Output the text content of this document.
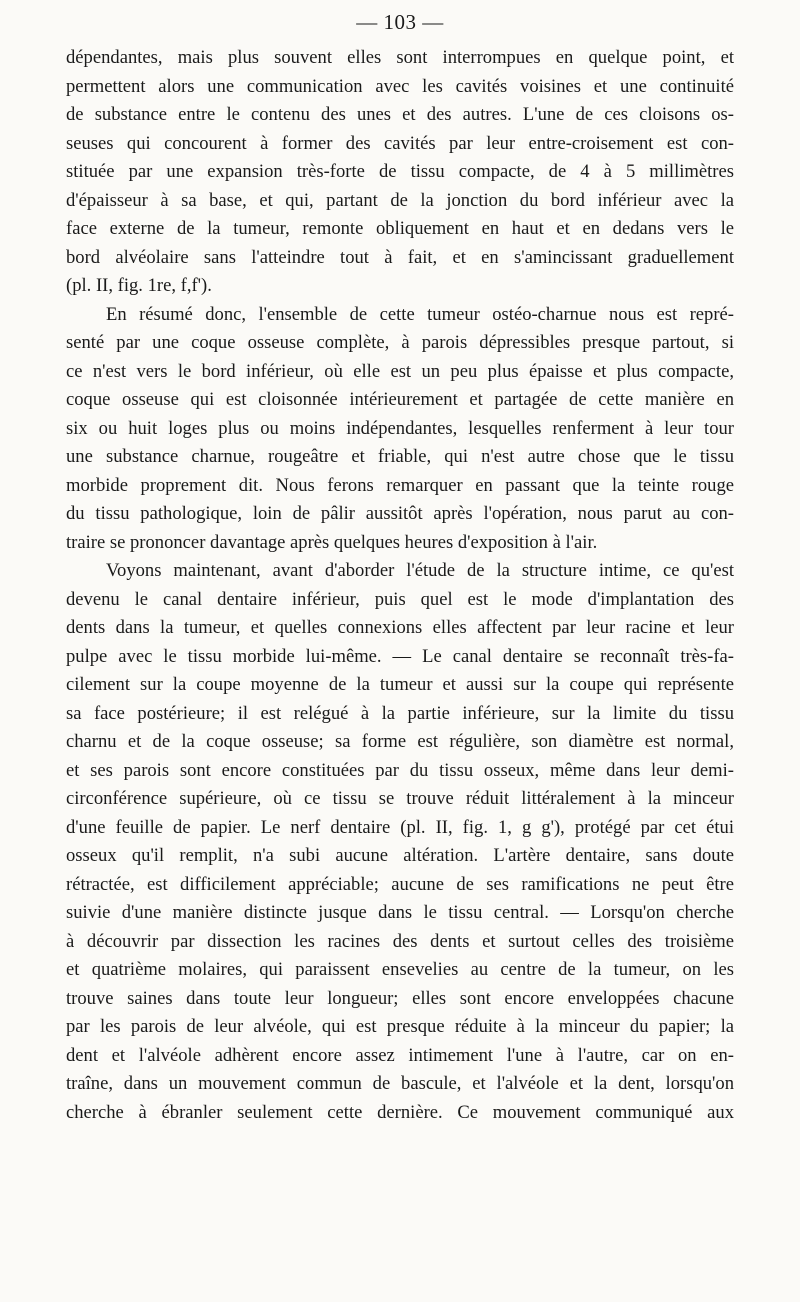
— 103 —
dépendantes, mais plus souvent elles sont interrompues en quelque point, et
permettent alors une communication avec les cavités voisines et une continuité
de substance entre le contenu des unes et des autres. L'une de ces cloisons os-
seuses qui concourent à former des cavités par leur entre-croisement est con-
stituée par une expansion très-forte de tissu compacte, de 4 à 5 millimètres
d'épaisseur à sa base, et qui, partant de la jonction du bord inférieur avec la
face externe de la tumeur, remonte obliquement en haut et en dedans vers le
bord alvéolaire sans l'atteindre tout à fait, et en s'amincissant graduellement
(pl. II, fig. 1re, f,f').
En résumé donc, l'ensemble de cette tumeur ostéo-charnue nous est repré-
senté par une coque osseuse complète, à parois dépressibles presque partout, si
ce n'est vers le bord inférieur, où elle est un peu plus épaisse et plus compacte,
coque osseuse qui est cloisonnée intérieurement et partagée de cette manière en
six ou huit loges plus ou moins indépendantes, lesquelles renferment à leur tour
une substance charnue, rougeâtre et friable, qui n'est autre chose que le tissu
morbide proprement dit. Nous ferons remarquer en passant que la teinte rouge
du tissu pathologique, loin de pâlir aussitôt après l'opération, nous parut au con-
traire se prononcer davantage après quelques heures d'exposition à l'air.
Voyons maintenant, avant d'aborder l'étude de la structure intime, ce qu'est
devenu le canal dentaire inférieur, puis quel est le mode d'implantation des
dents dans la tumeur, et quelles connexions elles affectent par leur racine et leur
pulpe avec le tissu morbide lui-même. — Le canal dentaire se reconnaît très-fa-
cilement sur la coupe moyenne de la tumeur et aussi sur la coupe qui représente
sa face postérieure; il est relégué à la partie inférieure, sur la limite du tissu
charnu et de la coque osseuse; sa forme est régulière, son diamètre est normal,
et ses parois sont encore constituées par du tissu osseux, même dans leur demi-
circonférence supérieure, où ce tissu se trouve réduit littéralement à la minceur
d'une feuille de papier. Le nerf dentaire (pl. II, fig. 1, g g'), protégé par cet étui
osseux qu'il remplit, n'a subi aucune altération. L'artère dentaire, sans doute
rétractée, est difficilement appréciable; aucune de ses ramifications ne peut être
suivie d'une manière distincte jusque dans le tissu central. — Lorsqu'on cherche
à découvrir par dissection les racines des dents et surtout celles des troisième
et quatrième molaires, qui paraissent ensevelies au centre de la tumeur, on les
trouve saines dans toute leur longueur; elles sont encore enveloppées chacune
par les parois de leur alvéole, qui est presque réduite à la minceur du papier; la
dent et l'alvéole adhèrent encore assez intimement l'une à l'autre, car on en-
traîne, dans un mouvement commun de bascule, et l'alvéole et la dent, lorsqu'on
cherche à ébranler seulement cette dernière. Ce mouvement communiqué aux
